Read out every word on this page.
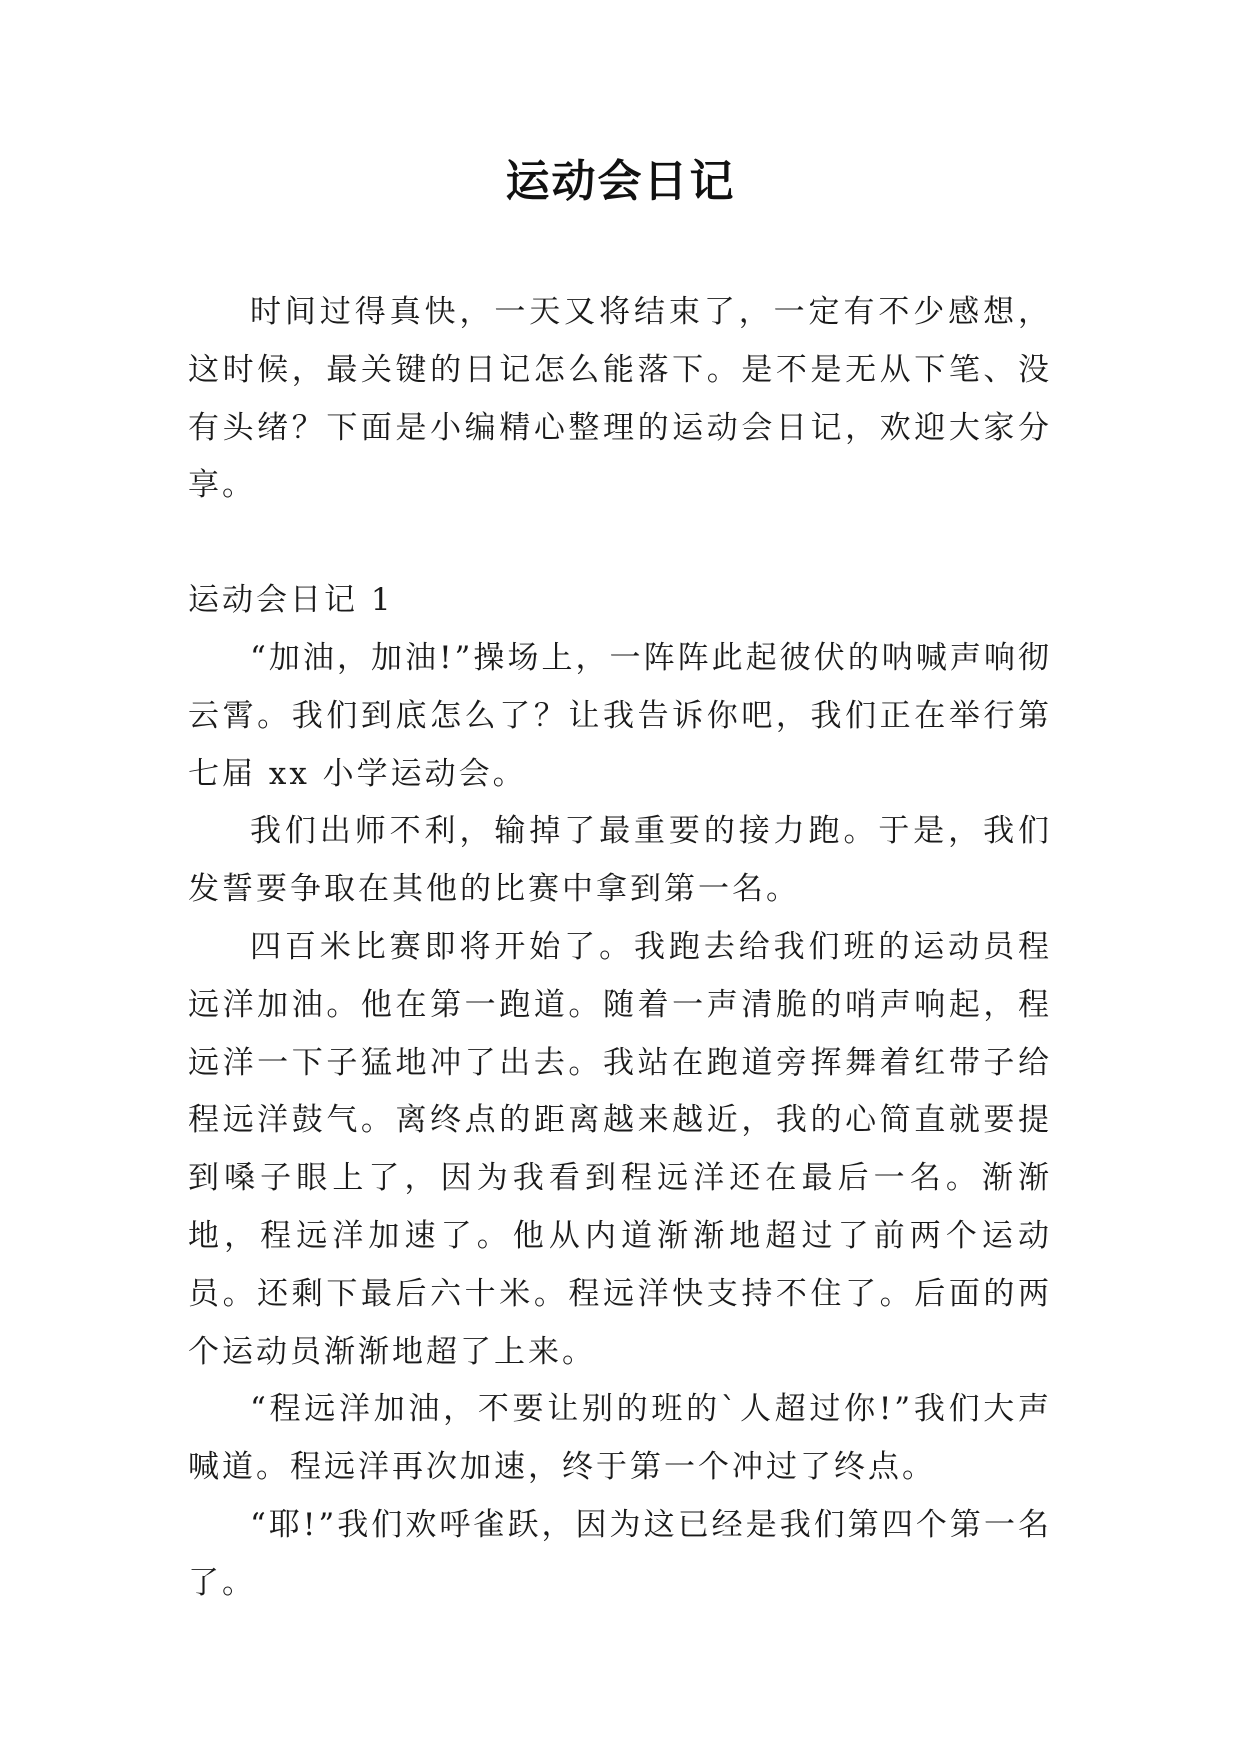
运动会日记

时间过得真快，一天又将结束了，一定有不少感想，这时候，最关键的日记怎么能落下。是不是无从下笔、没有头绪？下面是小编精心整理的运动会日记，欢迎大家分享。

运动会日记 1

“加油，加油!”操场上，一阵阵此起彼伏的呐喊声响彻云霄。我们到底怎么了？让我告诉你吧，我们正在举行第七届 xx 小学运动会。

我们出师不利，输掉了最重要的接力跑。于是，我们发誓要争取在其他的比赛中拿到第一名。

四百米比赛即将开始了。我跑去给我们班的运动员程远洋加油。他在第一跑道。随着一声清脆的哨声响起，程远洋一下子猛地冲了出去。我站在跑道旁挥舞着红带子给程远洋鼓气。离终点的距离越来越近，我的心简直就要提到嗓子眼上了，因为我看到程远洋还在最后一名。渐渐地，程远洋加速了。他从内道渐渐地超过了前两个运动员。还剩下最后六十米。程远洋快支持不住了。后面的两个运动员渐渐地超了上来。

“程远洋加油，不要让别的班的`人超过你!”我们大声喊道。程远洋再次加速，终于第一个冲过了终点。

“耶!”我们欢呼雀跃，因为这已经是我们第四个第一名了。
